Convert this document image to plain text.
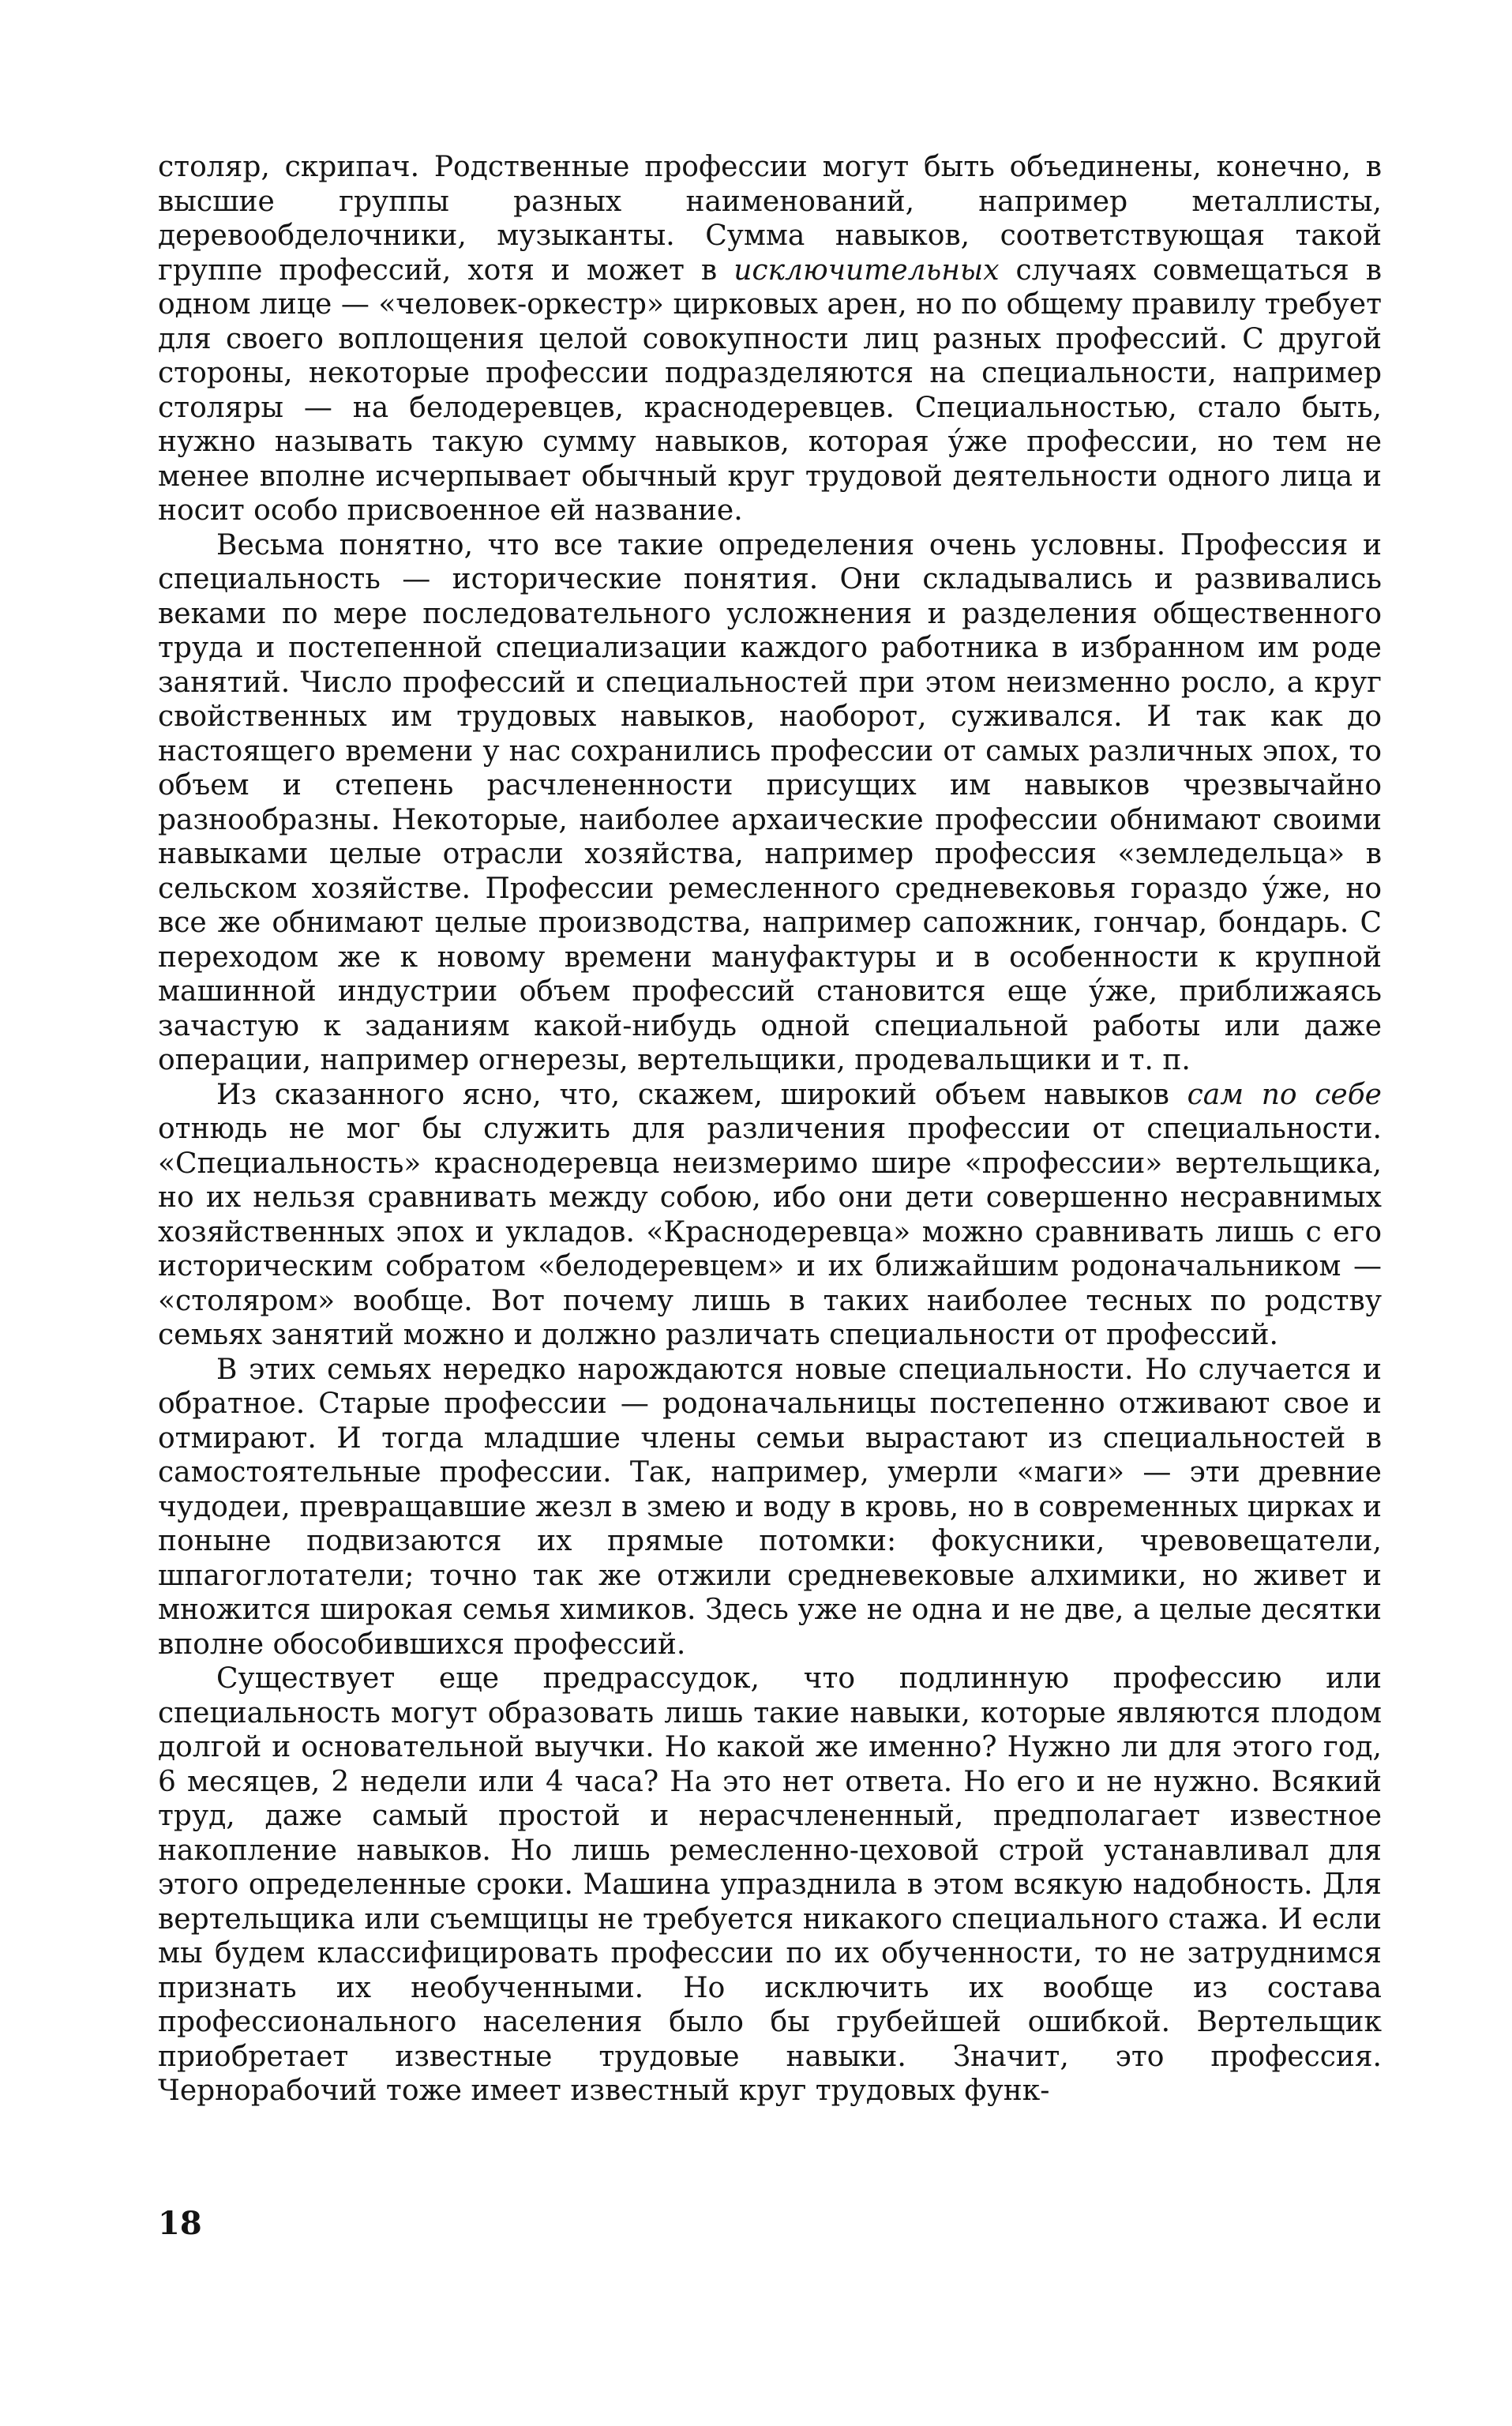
столяр, скрипач. Родственные профессии могут быть объединены, конечно, в высшие группы разных наименований, например металлисты, деревообделочники, музыканты. Сумма навыков, соответствующая такой группе профессий, хотя и может в исключительных случаях совмещаться в одном лице — «человек-оркестр» цирковых арен, но по общему правилу требует для своего воплощения целой совокупности лиц разных профессий. С другой стороны, некоторые профессии подразделяются на специальности, например столяры — на белодеревцев, краснодеревцев. Специальностью, стало быть, нужно называть такую сумму навыков, которая у́же профессии, но тем не менее вполне исчерпывает обычный круг трудовой деятельности одного лица и носит особо присвоенное ей название.

Весьма понятно, что все такие определения очень условны. Профессия и специальность — исторические понятия. Они складывались и развивались веками по мере последовательного усложнения и разделения общественного труда и постепенной специализации каждого работника в избранном им роде занятий. Число профессий и специальностей при этом неизменно росло, а круг свойственных им трудовых навыков, наоборот, суживался. И так как до настоящего времени у нас сохранились профессии от самых различных эпох, то объем и степень расчлененности присущих им навыков чрезвычайно разнообразны. Некоторые, наиболее архаические профессии обнимают своими навыками целые отрасли хозяйства, например профессия «земледельца» в сельском хозяйстве. Профессии ремесленного средневековья гораздо у́же, но все же обнимают целые производства, например сапожник, гончар, бондарь. С переходом же к новому времени мануфактуры и в особенности к крупной машинной индустрии объем профессий становится еще у́же, приближаясь зачастую к заданиям какой-нибудь одной специальной работы или даже операции, например огнерезы, вертельщики, продевальщики и т. п.

Из сказанного ясно, что, скажем, широкий объем навыков сам по себе отнюдь не мог бы служить для различения профессии от специальности. «Специальность» краснодеревца неизмеримо шире «профессии» вертельщика, но их нельзя сравнивать между собою, ибо они дети совершенно несравнимых хозяйственных эпох и укладов. «Краснодеревца» можно сравнивать лишь с его историческим собратом «белодеревцем» и их ближайшим родоначальником — «столяром» вообще. Вот почему лишь в таких наиболее тесных по родству семьях занятий можно и должно различать специальности от профессий.

В этих семьях нередко нарождаются новые специальности. Но случается и обратное. Старые профессии — родоначальницы постепенно отживают свое и отмирают. И тогда младшие члены семьи вырастают из специальностей в самостоятельные профессии. Так, например, умерли «маги» — эти древние чудодеи, превращавшие жезл в змею и воду в кровь, но в современных цирках и поныне подвизаются их прямые потомки: фокусники, чревовещатели, шпагоглотатели; точно так же отжили средневековые алхимики, но живет и множится широкая семья химиков. Здесь уже не одна и не две, а целые десятки вполне обособившихся профессий.

Существует еще предрассудок, что подлинную профессию или специальность могут образовать лишь такие навыки, которые являются плодом долгой и основательной выучки. Но какой же именно? Нужно ли для этого год, 6 месяцев, 2 недели или 4 часа? На это нет ответа. Но его и не нужно. Всякий труд, даже самый простой и нерасчлененный, предполагает известное накопление навыков. Но лишь ремесленно-цеховой строй устанавливал для этого определенные сроки. Машина упразднила в этом всякую надобность. Для вертельщика или съемщицы не требуется никакого специального стажа. И если мы будем классифицировать профессии по их обученности, то не затруднимся признать их необученными. Но исключить их вообще из состава профессионального населения было бы грубейшей ошибкой. Вертельщик приобретает известные трудовые навыки. Значит, это профессия. Чернорабочий тоже имеет известный круг трудовых функ-

18
